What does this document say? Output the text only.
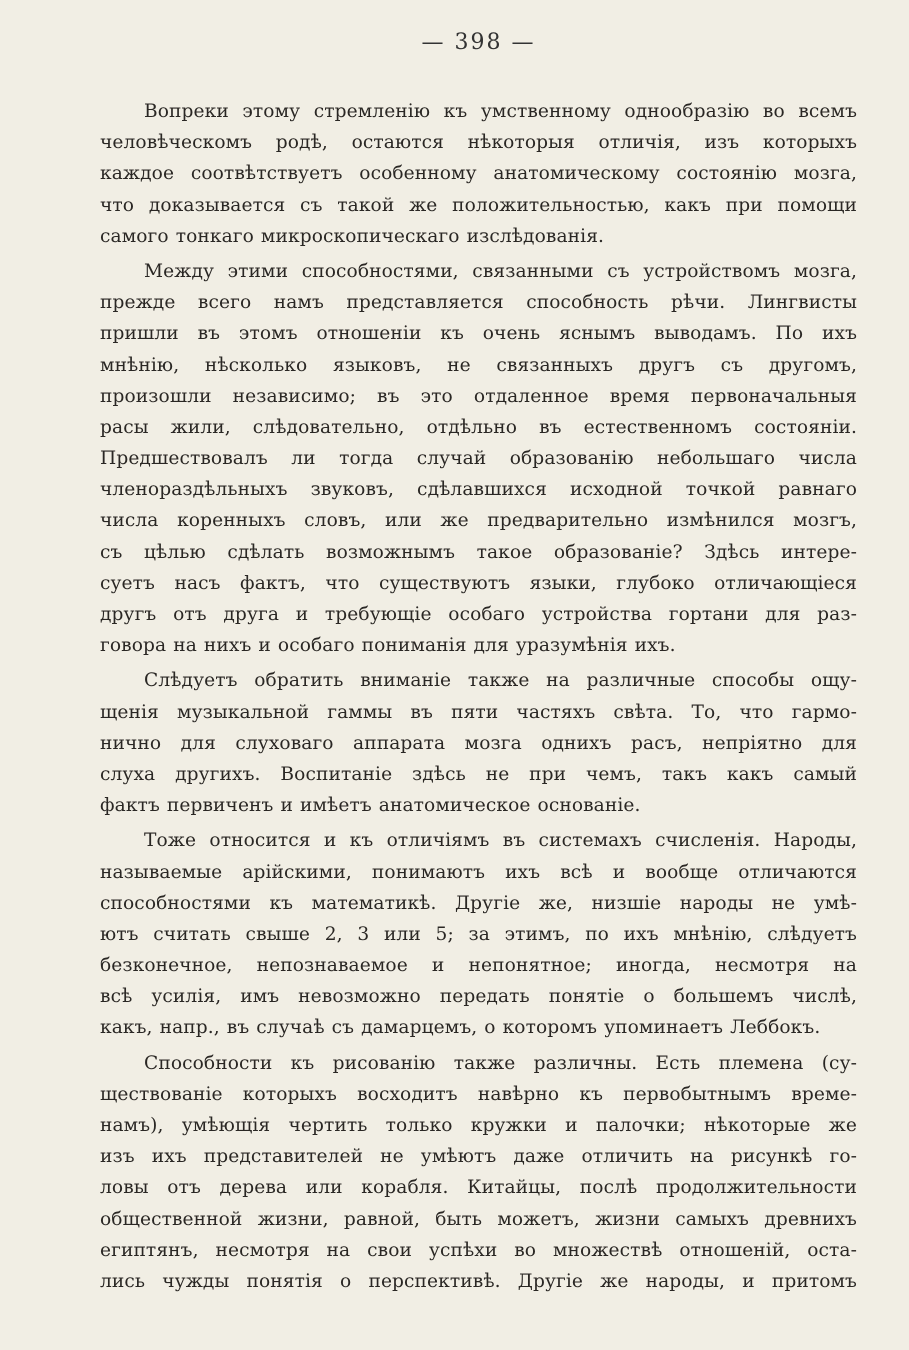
— 398 —
Вопреки этому стремленію къ умственному однообразію во всемъ
человѣческомъ родѣ, остаются нѣкоторыя отличія, изъ которыхъ
каждое соотвѣтствуетъ особенному анатомическому состоянію мозга,
что доказывается съ такой же положительностью, какъ при помощи
самого тонкаго микроскопическаго изслѣдованія.
Между этими способностями, связанными съ устройствомъ мозга,
прежде всего намъ представляется способность рѣчи. Лингвисты
пришли въ этомъ отношеніи къ очень яснымъ выводамъ. По ихъ
мнѣнію, нѣсколько языковъ, не связанныхъ другъ съ другомъ,
произошли независимо; въ это отдаленное время первоначальныя
расы жили, слѣдовательно, отдѣльно въ естественномъ состояніи.
Предшествовалъ ли тогда случай образованію небольшаго числа
членораздѣльныхъ звуковъ, сдѣлавшихся исходной точкой равнаго
числа коренныхъ словъ, или же предварительно измѣнился мозгъ,
съ цѣлью сдѣлать возможнымъ такое образованіе? Здѣсь интере-
суетъ насъ фактъ, что существуютъ языки, глубоко отличающіеся
другъ отъ друга и требующіе особаго устройства гортани для раз-
говора на нихъ и особаго пониманія для уразумѣнія ихъ.
Слѣдуетъ обратить вниманіе также на различные способы ощу-
щенія музыкальной гаммы въ пяти частяхъ свѣта. То, что гармо-
нично для слуховаго аппарата мозга однихъ расъ, непріятно для
слуха другихъ. Воспитаніе здѣсь не при чемъ, такъ какъ самый
фактъ первиченъ и имѣетъ анатомическое основаніе.
Тоже относится и къ отличіямъ въ системахъ счисленія. Народы,
называемые арійскими, понимаютъ ихъ всѣ и вообще отличаются
способностями къ математикѣ. Другіе же, низшіе народы не умѣ-
ютъ считать свыше 2, 3 или 5; за этимъ, по ихъ мнѣнію, слѣдуетъ
безконечное, непознаваемое и непонятное; иногда, несмотря на
всѣ усилія, имъ невозможно передать понятіе о большемъ числѣ,
какъ, напр., въ случаѣ съ дамарцемъ, о которомъ упоминаетъ Леббокъ.
Способности къ рисованію также различны. Есть племена (су-
ществованіе которыхъ восходитъ навѣрно къ первобытнымъ време-
намъ), умѣющія чертить только кружки и палочки; нѣкоторые же
изъ ихъ представителей не умѣютъ даже отличить на рисункѣ го-
ловы отъ дерева или корабля. Китайцы, послѣ продолжительности
общественной жизни, равной, быть можетъ, жизни самыхъ древнихъ
египтянъ, несмотря на свои успѣхи во множествѣ отношеній, оста-
лись чужды понятія о перспективѣ. Другіе же народы, и притомъ
